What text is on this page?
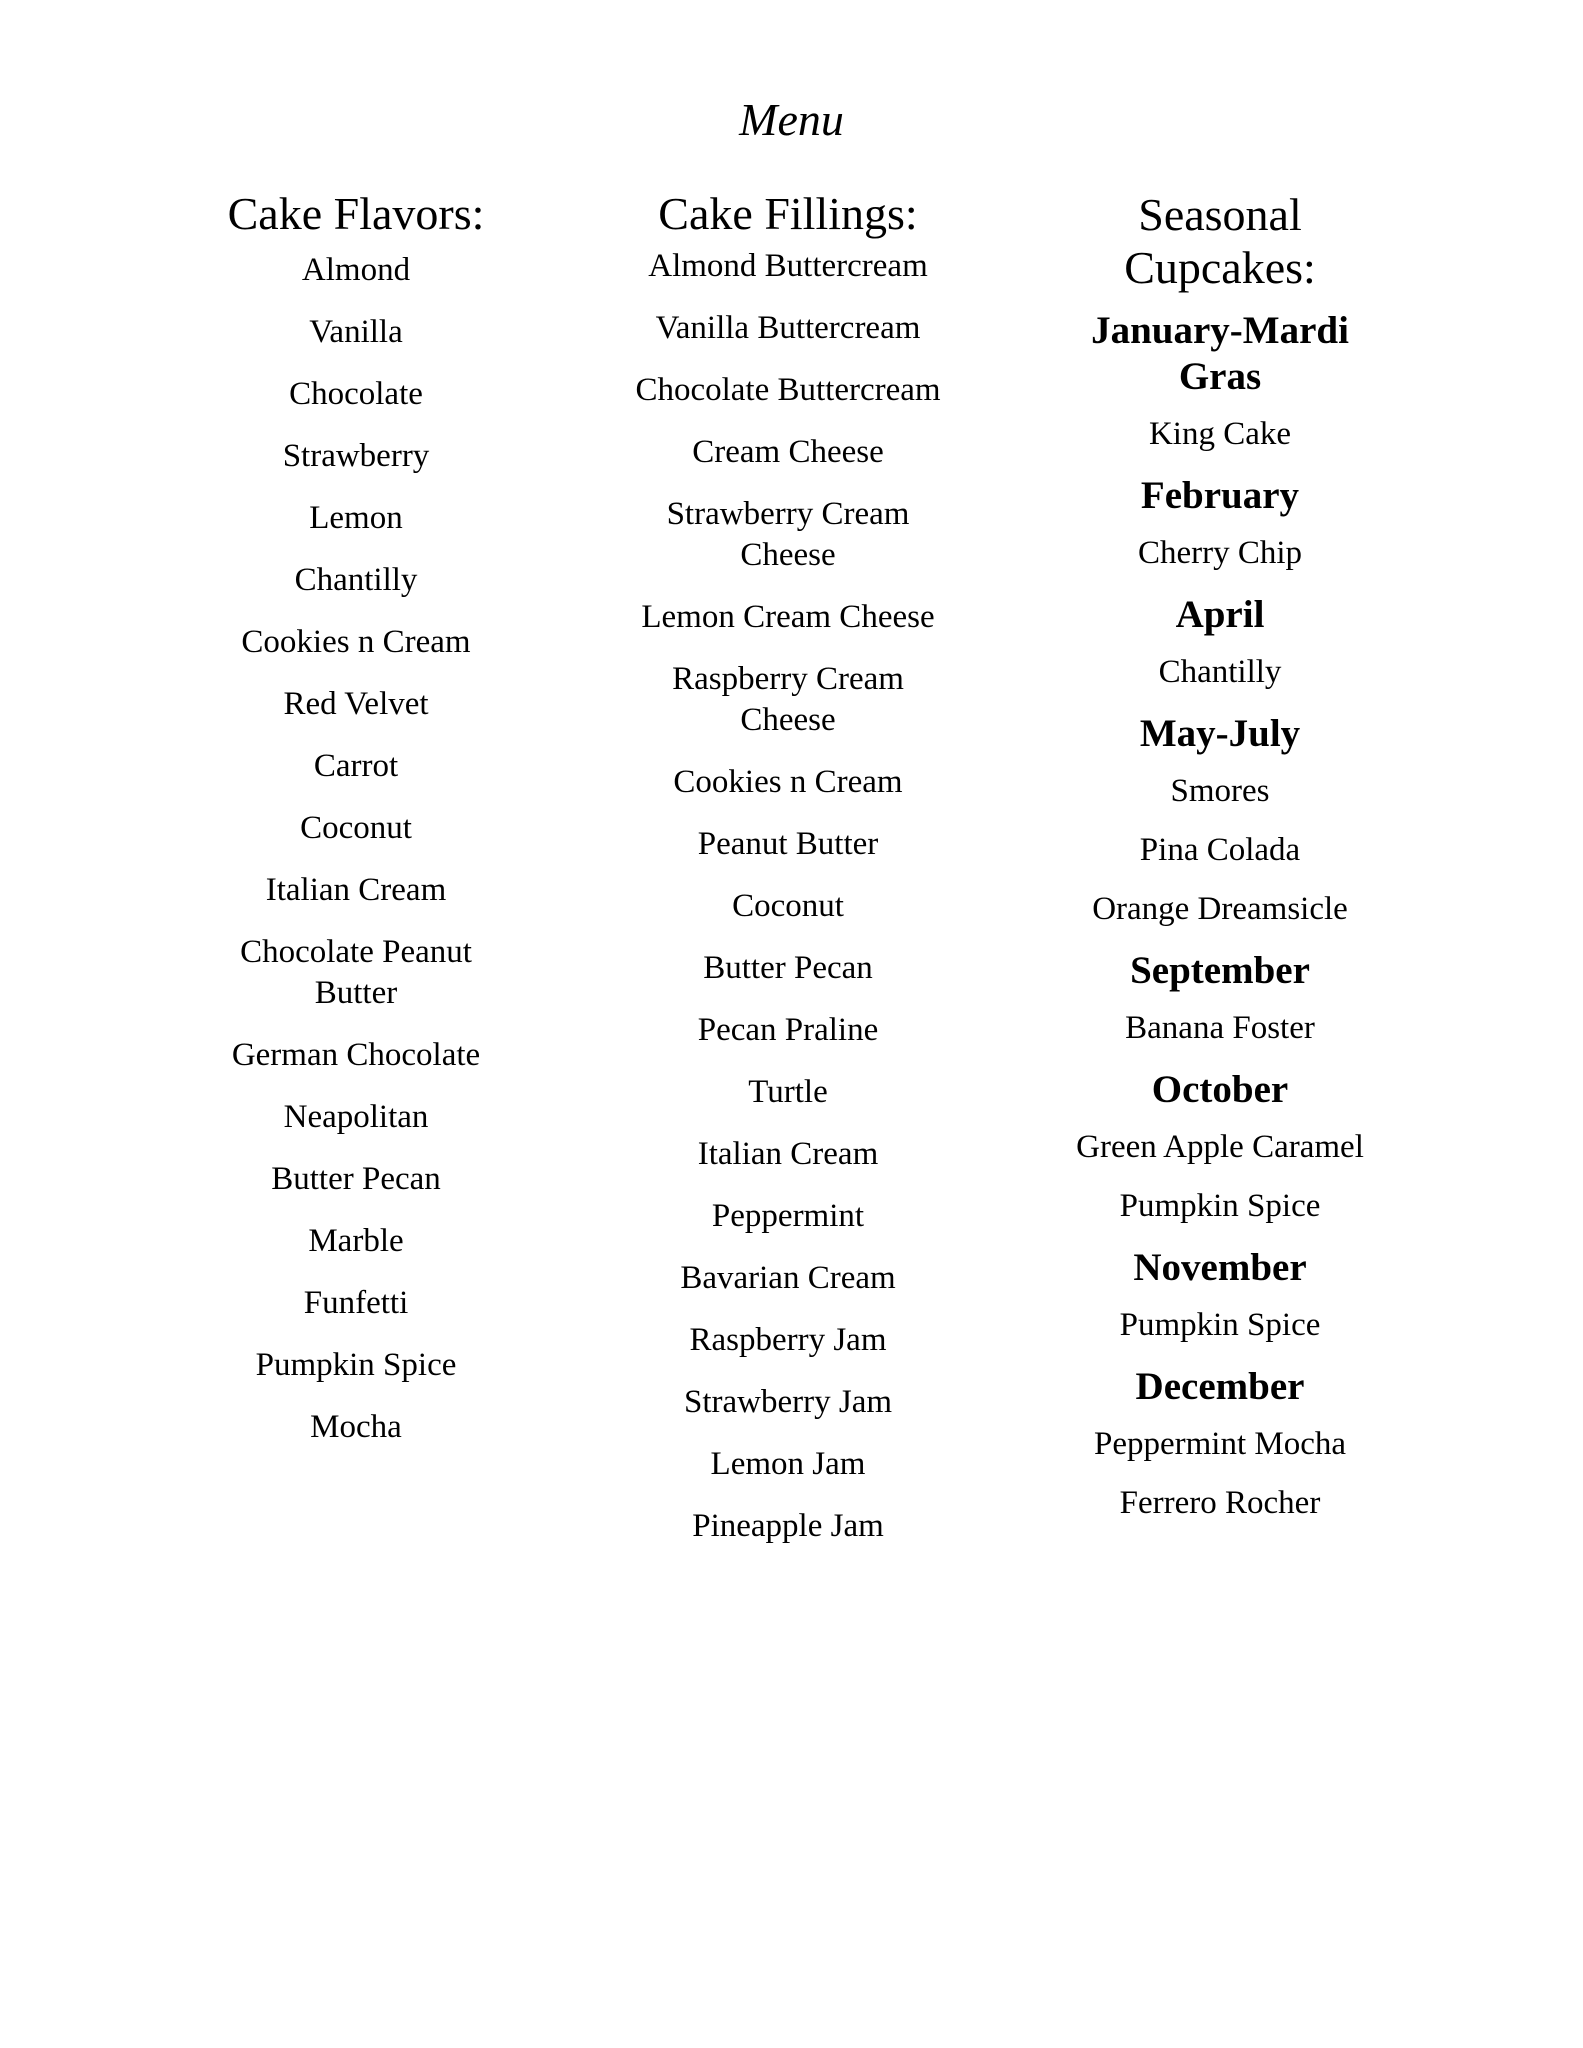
Menu
Cake Flavors:
Almond
Vanilla
Chocolate
Strawberry
Lemon
Chantilly
Cookies n Cream
Red Velvet
Carrot
Coconut
Italian Cream
Chocolate Peanut Butter
German Chocolate
Neapolitan
Butter Pecan
Marble
Funfetti
Pumpkin Spice
Mocha
Cake Fillings:
Almond Buttercream
Vanilla Buttercream
Chocolate Buttercream
Cream Cheese
Strawberry Cream Cheese
Lemon Cream Cheese
Raspberry Cream Cheese
Cookies n Cream
Peanut Butter
Coconut
Butter Pecan
Pecan Praline
Turtle
Italian Cream
Peppermint
Bavarian Cream
Raspberry Jam
Strawberry Jam
Lemon Jam
Pineapple Jam
Seasonal Cupcakes:
January-Mardi Gras
King Cake
February
Cherry Chip
April
Chantilly
May-July
Smores
Pina Colada
Orange Dreamsicle
September
Banana Foster
October
Green Apple Caramel
Pumpkin Spice
November
Pumpkin Spice
December
Peppermint Mocha
Ferrero Rocher
